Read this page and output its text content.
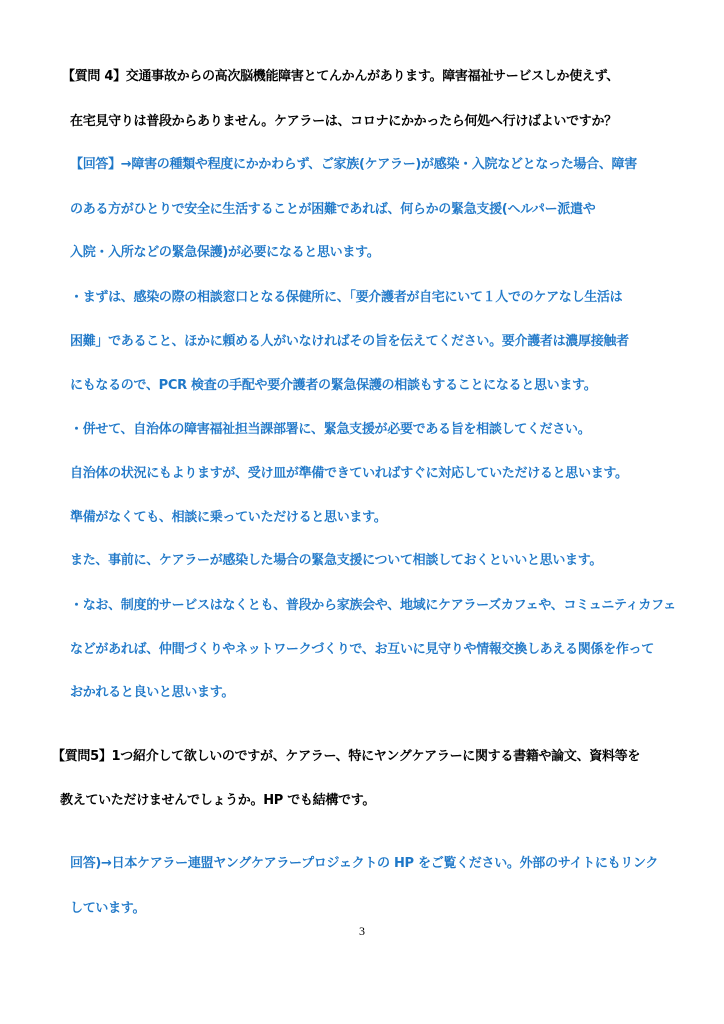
【質問 4】交通事故からの高次脳機能障害とてんかんがあります。障害福祉サービスしか使えず、
在宅見守りは普段からありません。ケアラーは、コロナにかかったら何処へ行けばよいですか？
【回答】→障害の種類や程度にかかわらず、ご家族(ケアラー)が感染・入院などとなった場合、障害
のある方がひとりで安全に生活することが困難であれば、何らかの緊急支援(ヘルパー派遣や
入院・入所などの緊急保護)が必要になると思います。
・まずは、感染の際の相談窓口となる保健所に、「要介護者が自宅にいて１人でのケアなし生活は
困難」であること、ほかに頼める人がいなければその旨を伝えてください。要介護者は濃厚接触者
にもなるので、PCR 検査の手配や要介護者の緊急保護の相談もすることになると思います。
・併せて、自治体の障害福祉担当課部署に、緊急支援が必要である旨を相談してください。
自治体の状況にもよりますが、受け皿が準備できていればすぐに対応していただけると思います。
準備がなくても、相談に乗っていただけると思います。
また、事前に、ケアラーが感染した場合の緊急支援について相談しておくといいと思います。
・なお、制度的サービスはなくとも、普段から家族会や、地域にケアラーズカフェや、コミュニティカフェ
などがあれば、仲間づくりやネットワークづくりで、お互いに見守りや情報交換しあえる関係を作って
おかれると良いと思います。
【質問5】1つ紹介して欲しいのですが、ケアラー、特にヤングケアラーに関する書籍や論文、資料等を
教えていただけませんでしょうか。HP でも結構です。
回答)→日本ケアラー連盟ヤングケアラープロジェクトの HP をご覧ください。外部のサイトにもリンク
しています。
3
